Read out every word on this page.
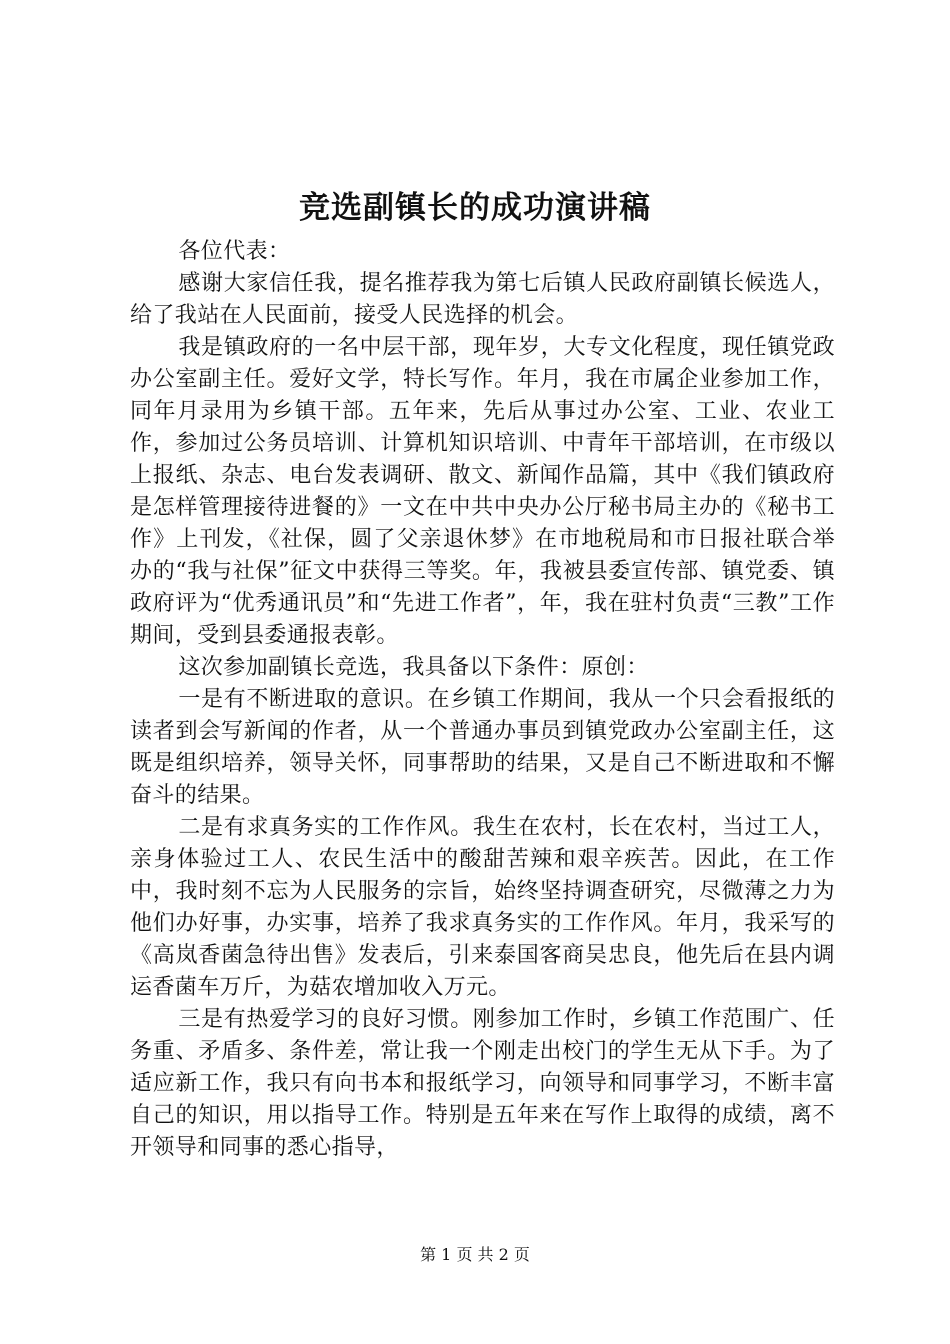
竞选副镇长的成功演讲稿

各位代表：

感谢大家信任我，提名推荐我为第七后镇人民政府副镇长候选人，给了我站在人民面前，接受人民选择的机会。

我是镇政府的一名中层干部，现年岁，大专文化程度，现任镇党政办公室副主任。爱好文学，特长写作。年月，我在市属企业参加工作，同年月录用为乡镇干部。五年来，先后从事过办公室、工业、农业工作，参加过公务员培训、计算机知识培训、中青年干部培训，在市级以上报纸、杂志、电台发表调研、散文、新闻作品篇，其中《我们镇政府是怎样管理接待进餐的》一文在中共中央办公厅秘书局主办的《秘书工作》上刊发，《社保，圆了父亲退休梦》在市地税局和市日报社联合举办的“我与社保”征文中获得三等奖。年，我被县委宣传部、镇党委、镇政府评为“优秀通讯员”和“先进工作者”，年，我在驻村负责“三教”工作期间，受到县委通报表彰。

这次参加副镇长竞选，我具备以下条件：原创：

一是有不断进取的意识。在乡镇工作期间，我从一个只会看报纸的读者到会写新闻的作者，从一个普通办事员到镇党政办公室副主任，这既是组织培养，领导关怀，同事帮助的结果，又是自己不断进取和不懈奋斗的结果。

二是有求真务实的工作作风。我生在农村，长在农村，当过工人，亲身体验过工人、农民生活中的酸甜苦辣和艰辛疾苦。因此，在工作中，我时刻不忘为人民服务的宗旨，始终坚持调查研究，尽微薄之力为他们办好事，办实事，培养了我求真务实的工作作风。年月，我采写的《高岚香菌急待出售》发表后，引来泰国客商吴忠良，他先后在县内调运香菌车万斤，为菇农增加收入万元。

三是有热爱学习的良好习惯。刚参加工作时，乡镇工作范围广、任务重、矛盾多、条件差，常让我一个刚走出校门的学生无从下手。为了适应新工作，我只有向书本和报纸学习，向领导和同事学习，不断丰富自己的知识，用以指导工作。特别是五年来在写作上取得的成绩，离不开领导和同事的悉心指导，

第 1 页 共 2 页
